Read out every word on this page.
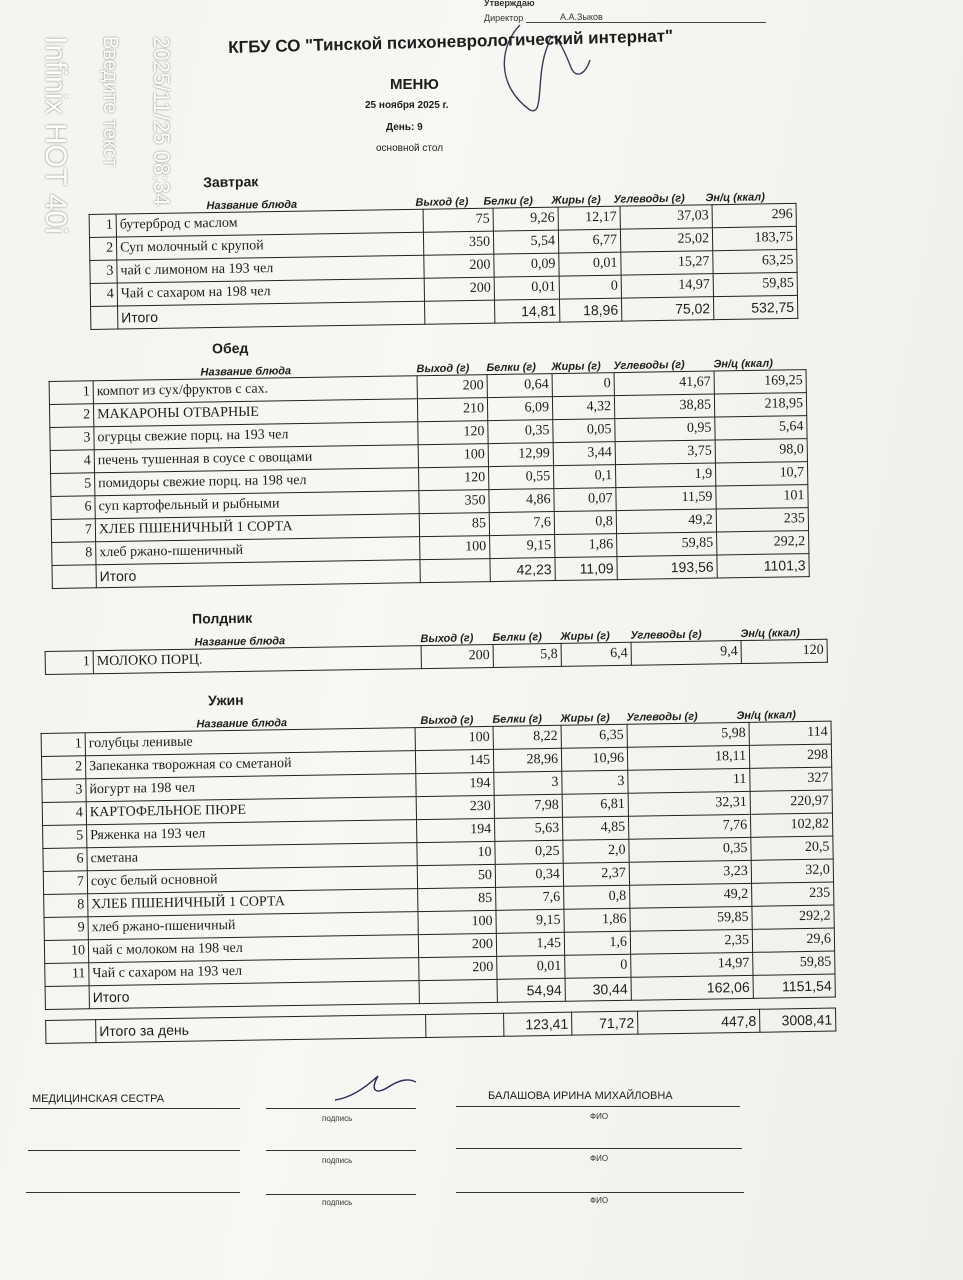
Утверждаю
Директор	А.А.Зыков
КГБУ СО "Тинской психоневрологический интернат"
МЕНЮ
25 ноября 2025 г.
День: 9
основной стол
Завтрак
Название блюда	Выход (г)	Белки (г)	Жиры (г)	Углеводы (г)	Эн/ц (ккал)
1	бутерброд с маслом	75	9,26	12,17	37,03	296
2	Суп молочный с крупой	350	5,54	6,77	25,02	183,75
3	чай с лимоном на 193 чел	200	0,09	0,01	15,27	63,25
4	Чай с сахаром на 198 чел	200	0,01	0	14,97	59,85
	Итого		14,81	18,96	75,02	532,75
Обед
Название блюда	Выход (г)	Белки (г)	Жиры (г)	Углеводы (г)	Эн/ц (ккал)
1	компот из сух/фруктов с сах.	200	0,64	0	41,67	169,25
2	МАКАРОНЫ ОТВАРНЫЕ	210	6,09	4,32	38,85	218,95
3	огурцы свежие порц. на 193 чел	120	0,35	0,05	0,95	5,64
4	печень тушенная в соусе с овощами	100	12,99	3,44	3,75	98,0
5	помидоры свежие порц. на 198 чел	120	0,55	0,1	1,9	10,7
6	суп картофельный и рыбными	350	4,86	0,07	11,59	101
7	ХЛЕБ ПШЕНИЧНЫЙ 1 СОРТА	85	7,6	0,8	49,2	235
8	хлеб ржано-пшеничный	100	9,15	1,86	59,85	292,2
	Итого		42,23	11,09	193,56	1101,3
Полдник
Название блюда	Выход (г)	Белки (г)	Жиры (г)	Углеводы (г)	Эн/ц (ккал)
1	МОЛОКО ПОРЦ.	200	5,8	6,4	9,4	120
Ужин
Название блюда	Выход (г)	Белки (г)	Жиры (г)	Углеводы (г)	Эн/ц (ккал)
1	голубцы ленивые	100	8,22	6,35	5,98	114
2	Запеканка творожная со сметаной	145	28,96	10,96	18,11	298
3	йогурт на 198 чел	194	3	3	11	327
4	КАРТОФЕЛЬНОЕ ПЮРЕ	230	7,98	6,81	32,31	220,97
5	Ряженка на 193 чел	194	5,63	4,85	7,76	102,82
6	сметана	10	0,25	2,0	0,35	20,5
7	соус белый основной	50	0,34	2,37	3,23	32,0
8	ХЛЕБ ПШЕНИЧНЫЙ 1 СОРТА	85	7,6	0,8	49,2	235
9	хлеб ржано-пшеничный	100	9,15	1,86	59,85	292,2
10	чай с молоком на 198 чел	200	1,45	1,6	2,35	29,6
11	Чай с сахаром на 193 чел	200	0,01	0	14,97	59,85
	Итого		54,94	30,44	162,06	1151,54
	Итого за день		123,41	71,72	447,8	3008,41
МЕДИЦИНСКАЯ СЕСТРА
подпись
БАЛАШОВА ИРИНА МИХАЙЛОВНА
ФИО
подпись	ФИО
подпись	ФИО
Infinix HOT 40i Введите текст 2025/11/25 08:34
